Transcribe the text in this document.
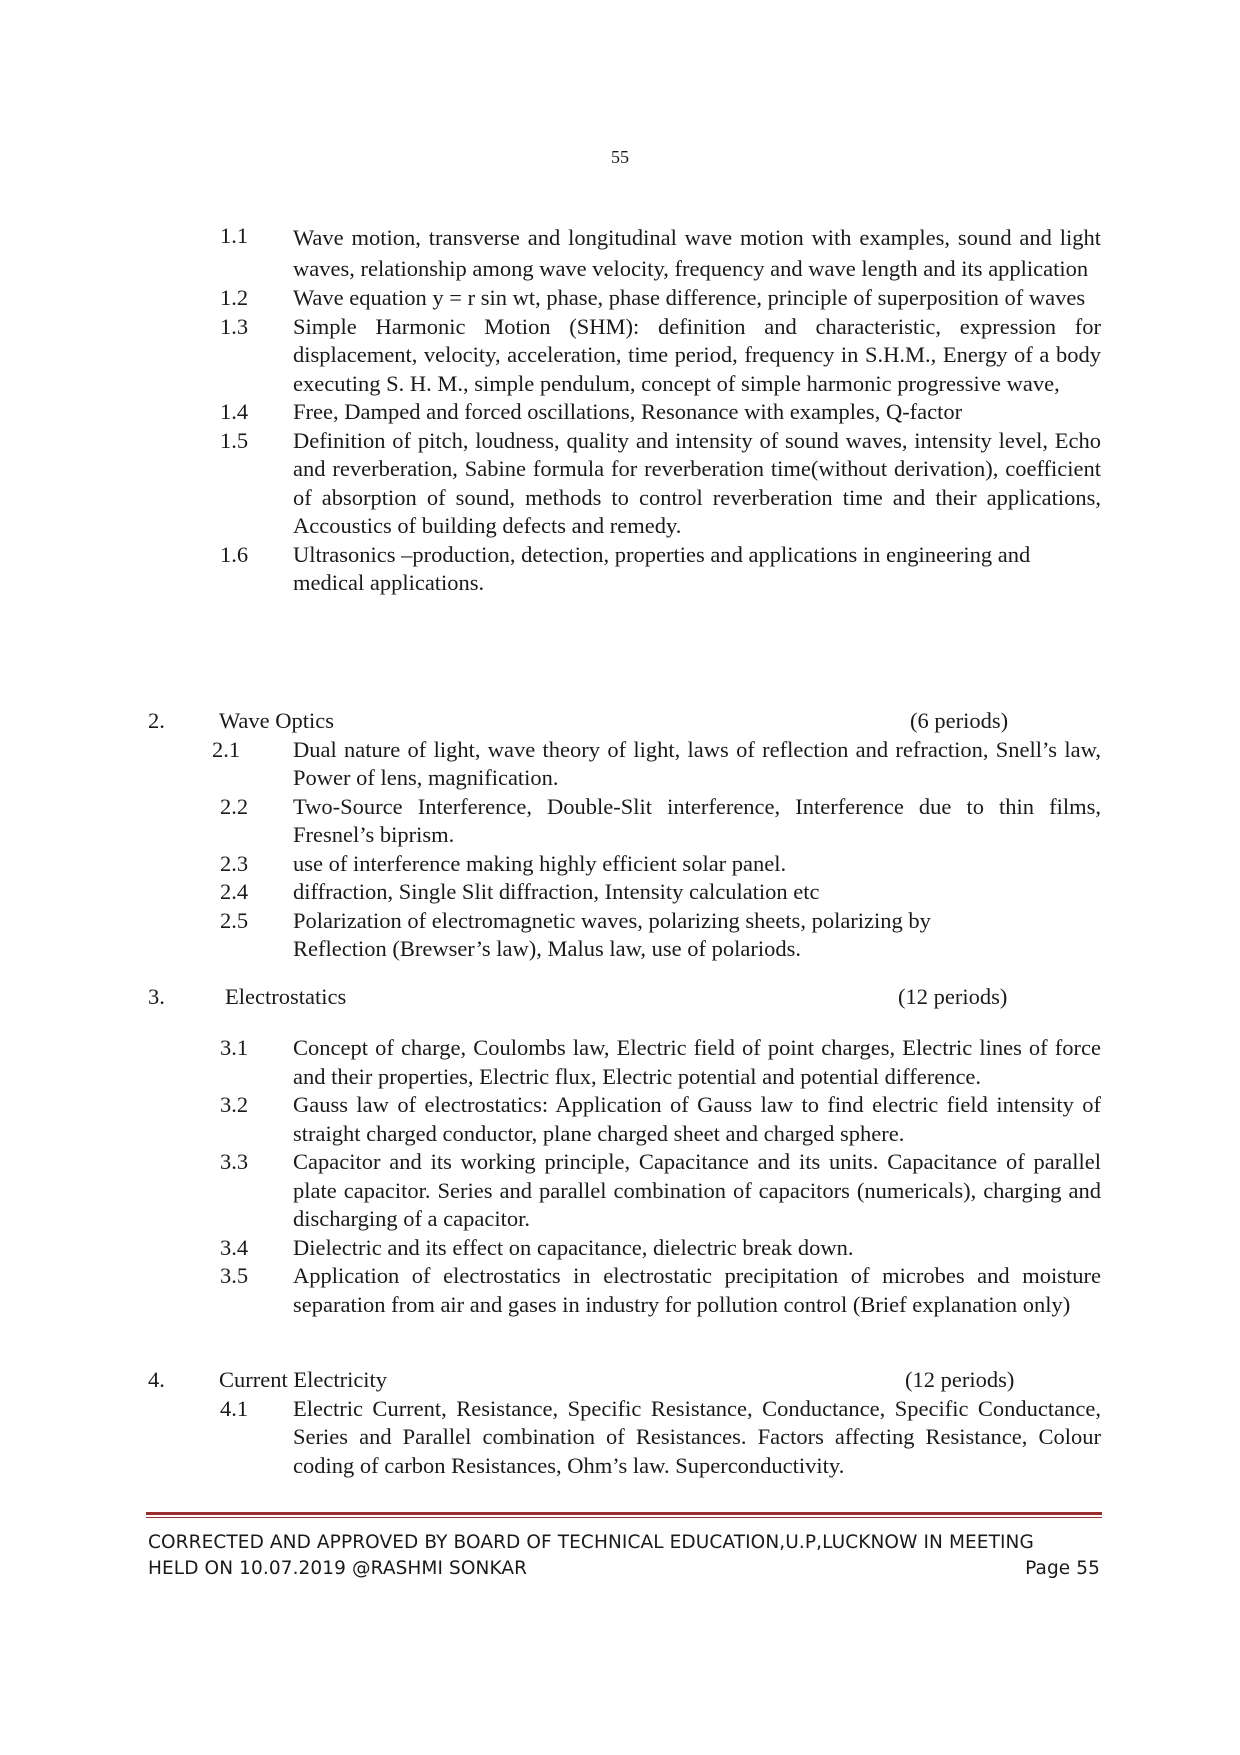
55
1.1 Wave motion, transverse and longitudinal wave motion with examples, sound and light waves, relationship among wave velocity, frequency and wave length and its application
1.2 Wave equation y = r sin wt, phase, phase difference, principle of superposition of waves
1.3 Simple Harmonic Motion (SHM): definition and characteristic, expression for displacement, velocity, acceleration, time period, frequency in S.H.M., Energy of a body executing S. H. M., simple pendulum, concept of simple harmonic progressive wave,
1.4 Free, Damped and forced oscillations, Resonance with examples, Q-factor
1.5 Definition of pitch, loudness, quality and intensity of sound waves, intensity level, Echo and reverberation, Sabine formula for reverberation time(without derivation), coefficient of absorption of sound, methods to control reverberation time and their applications, Accoustics of building defects and remedy.
1.6 Ultrasonics –production, detection, properties and applications in engineering and medical applications.
2. Wave Optics	(6 periods)
2.1 Dual nature of light, wave theory of light, laws of reflection and refraction, Snell’s law, Power of lens, magnification.
2.2 Two-Source Interference, Double-Slit interference, Interference due to thin films, Fresnel’s biprism.
2.3 use of interference making highly efficient solar panel.
2.4 diffraction, Single Slit diffraction, Intensity calculation etc
2.5 Polarization of electromagnetic waves, polarizing sheets, polarizing by Reflection (Brewser’s law), Malus law, use of polariods.
3.	Electrostatics	(12 periods)
3.1 Concept of charge, Coulombs law, Electric field of point charges, Electric lines of force and their properties, Electric flux, Electric potential and potential difference.
3.2 Gauss law of electrostatics: Application of Gauss law to find electric field intensity of straight charged conductor, plane charged sheet and charged sphere.
3.3 Capacitor and its working principle, Capacitance and its units. Capacitance of parallel plate capacitor. Series and parallel combination of capacitors (numericals), charging and discharging of a capacitor.
3.4 Dielectric and its effect on capacitance, dielectric break down.
3.5 Application of electrostatics in electrostatic precipitation of microbes and moisture separation from air and gases in industry for pollution control (Brief explanation only)
4. Current Electricity	(12 periods)
4.1 Electric Current, Resistance, Specific Resistance, Conductance, Specific Conductance, Series and Parallel combination of Resistances. Factors affecting Resistance, Colour coding of carbon Resistances, Ohm’s law. Superconductivity.
CORRECTED AND APPROVED BY BOARD OF TECHNICAL EDUCATION,U.P,LUCKNOW IN MEETING
HELD ON 10.07.2019 @RASHMI SONKAR	Page 55
